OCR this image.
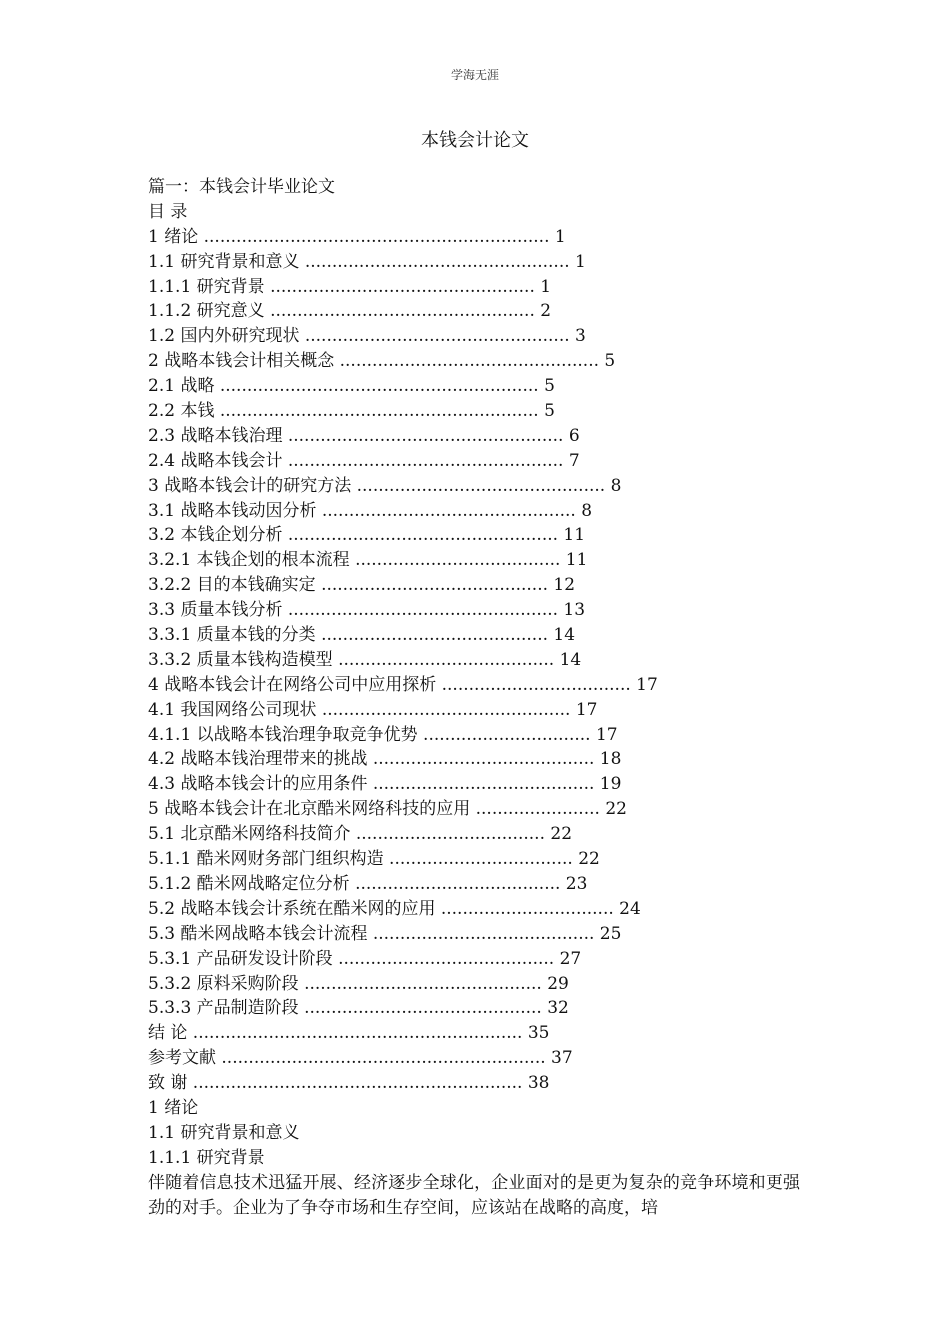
学海无涯
本钱会计论文
篇一：本钱会计毕业论文
目 录
1 绪论 ................................................................ 1
1.1 研究背景和意义 ................................................. 1
1.1.1 研究背景 ................................................. 1
1.1.2 研究意义 ................................................. 2
1.2 国内外研究现状 ................................................. 3
2 战略本钱会计相关概念 ................................................ 5
2.1 战略 ........................................................... 5
2.2 本钱 ........................................................... 5
2.3 战略本钱治理 ................................................... 6
2.4 战略本钱会计 ................................................... 7
3 战略本钱会计的研究方法 .............................................. 8
3.1 战略本钱动因分析 ............................................... 8
3.2 本钱企划分析 .................................................. 11
3.2.1 本钱企划的根本流程 ...................................... 11
3.2.2 目的本钱确实定 .......................................... 12
3.3 质量本钱分析 .................................................. 13
3.3.1 质量本钱的分类 .......................................... 14
3.3.2 质量本钱构造模型 ........................................ 14
4 战略本钱会计在网络公司中应用探析 ................................... 17
4.1 我国网络公司现状 .............................................. 17
4.1.1 以战略本钱治理争取竞争优势 ............................... 17
4.2 战略本钱治理带来的挑战 ......................................... 18
4.3 战略本钱会计的应用条件 ......................................... 19
5 战略本钱会计在北京酷米网络科技的应用 ....................... 22
5.1 北京酷米网络科技简介 ................................... 22
5.1.1 酷米网财务部门组织构造 .................................. 22
5.1.2 酷米网战略定位分析 ...................................... 23
5.2 战略本钱会计系统在酷米网的应用 ................................ 24
5.3 酷米网战略本钱会计流程 ......................................... 25
5.3.1 产品研发设计阶段 ........................................ 27
5.3.2 原料采购阶段 ............................................ 29
5.3.3 产品制造阶段 ............................................ 32
结 论 ............................................................. 35
参考文献 ............................................................ 37
致 谢 ............................................................. 38
1 绪论
1.1 研究背景和意义
1.1.1 研究背景
伴随着信息技术迅猛开展、经济逐步全球化，企业面对的是更为复杂的竞争环境和更强劲的对手。企业为了争夺市场和生存空间，应该站在战略的高度，培
